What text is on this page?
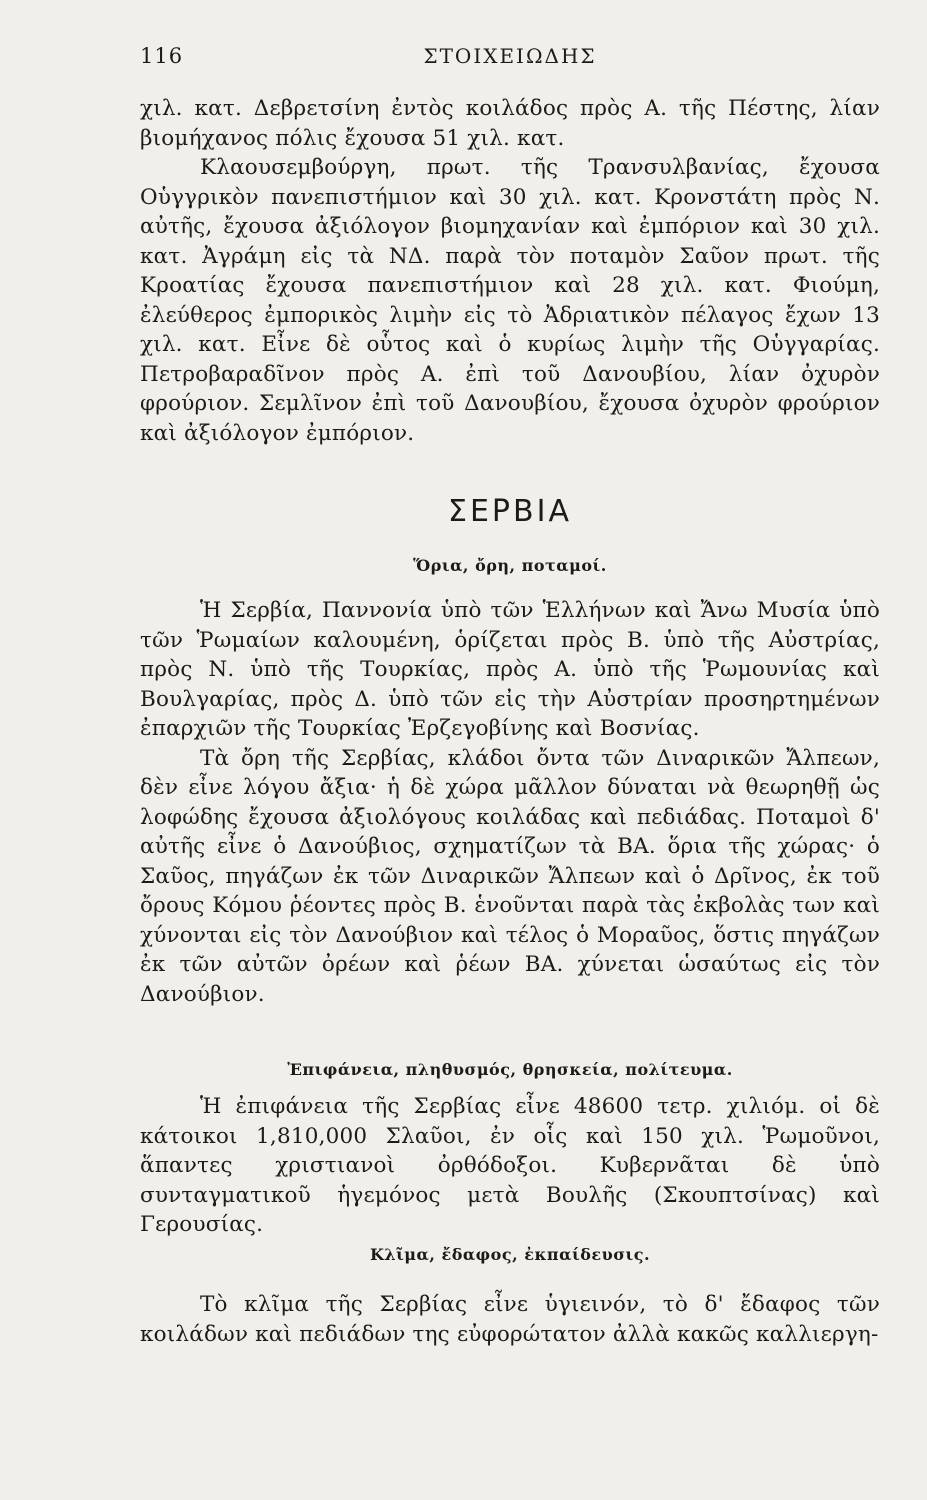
116	ΣΤΟΙΧΕΙΩΔΗΣ

χιλ. κατ. Δεβρετσίνη ἐντὸς κοιλάδος πρὸς Α. τῆς Πέστης, λίαν βιομήχανος πόλις ἔχουσα 51 χιλ. κατ.

Κλαουσεμβούργη, πρωτ. τῆς Τρανσυλβανίας, ἔχουσα Οὑγγρικὸν πανεπιστήμιον καὶ 30 χιλ. κατ. Κρονστάτη πρὸς Ν. αὐτῆς, ἔχουσα ἀξιόλογον βιομηχανίαν καὶ ἐμπόριον καὶ 30 χιλ. κατ. Ἀγράμη εἰς τὰ ΝΔ. παρὰ τὸν ποταμὸν Σαῦον πρωτ. τῆς Κροατίας ἔχουσα πανεπιστήμιον καὶ 28 χιλ. κατ. Φιούμη, ἐλεύθερος ἐμπορικὸς λιμὴν εἰς τὸ Ἀδριατικὸν πέλαγος ἔχων 13 χιλ. κατ. Εἶνε δὲ οὗτος καὶ ὁ κυρίως λιμὴν τῆς Οὑγγαρίας. Πετροβαραδῖνον πρὸς Α. ἐπὶ τοῦ Δανουβίου, λίαν ὀχυρὸν φρούριον. Σεμλῖνον ἐπὶ τοῦ Δανουβίου, ἔχουσα ὀχυρὸν φρούριον καὶ ἀξιόλογον ἐμπόριον.

ΣΕΡΒΙΑ
Ὅρια, ὄρη, ποταμοί.

Ἡ Σερβία, Παννονία ὑπὸ τῶν Ἑλλήνων καὶ Ἄνω Μυσία ὑπὸ τῶν Ῥωμαίων καλουμένη, ὁρίζεται πρὸς Β. ὑπὸ τῆς Αὐστρίας, πρὸς Ν. ὑπὸ τῆς Τουρκίας, πρὸς Α. ὑπὸ τῆς Ῥωμουνίας καὶ Βουλγαρίας, πρὸς Δ. ὑπὸ τῶν εἰς τὴν Αὐστρίαν προσηρτημένων ἐπαρχιῶν τῆς Τουρκίας Ἐρζεγοβίνης καὶ Βοσνίας.

Τὰ ὄρη τῆς Σερβίας, κλάδοι ὄντα τῶν Διναρικῶν Ἄλπεων, δὲν εἶνε λόγου ἄξια· ἡ δὲ χώρα μᾶλλον δύναται νὰ θεωρηθῇ ὡς λοφώδης ἔχουσα ἀξιολόγους κοιλάδας καὶ πεδιάδας. Ποταμοὶ δ' αὐτῆς εἶνε ὁ Δανούβιος, σχηματίζων τὰ ΒΑ. ὅρια τῆς χώρας· ὁ Σαῦος, πηγάζων ἐκ τῶν Διναρικῶν Ἄλπεων καὶ ὁ Δρῖνος, ἐκ τοῦ ὄρους Κόμου ῥέοντες πρὸς Β. ἑνοῦνται παρὰ τὰς ἐκβολὰς των καὶ χύνονται εἰς τὸν Δανούβιον καὶ τέλος ὁ Μοραῦος, ὅστις πηγάζων ἐκ τῶν αὐτῶν ὀρέων καὶ ῥέων ΒΑ. χύνεται ὡσαύτως εἰς τὸν Δανούβιον.

Ἐπιφάνεια, πληθυσμός, θρησκεία, πολίτευμα.

Ἡ ἐπιφάνεια τῆς Σερβίας εἶνε 48600 τετρ. χιλιόμ. οἱ δὲ κάτοικοι 1,810,000 Σλαῦοι, ἐν οἷς καὶ 150 χιλ. Ῥωμοῦνοι, ἅπαντες χριστιανοὶ ὀρθόδοξοι. Κυβερνᾶται δὲ ὑπὸ συνταγματικοῦ ἡγεμόνος μετὰ Βουλῆς (Σκουπτσίνας) καὶ Γερουσίας.

Κλῖμα, ἔδαφος, ἐκπαίδευσις.

Τὸ κλῖμα τῆς Σερβίας εἶνε ὑγιεινόν, τὸ δ' ἔδαφος τῶν κοιλάδων καὶ πεδιάδων της εὐφορώτατον ἀλλὰ κακῶς καλλιεργη-
